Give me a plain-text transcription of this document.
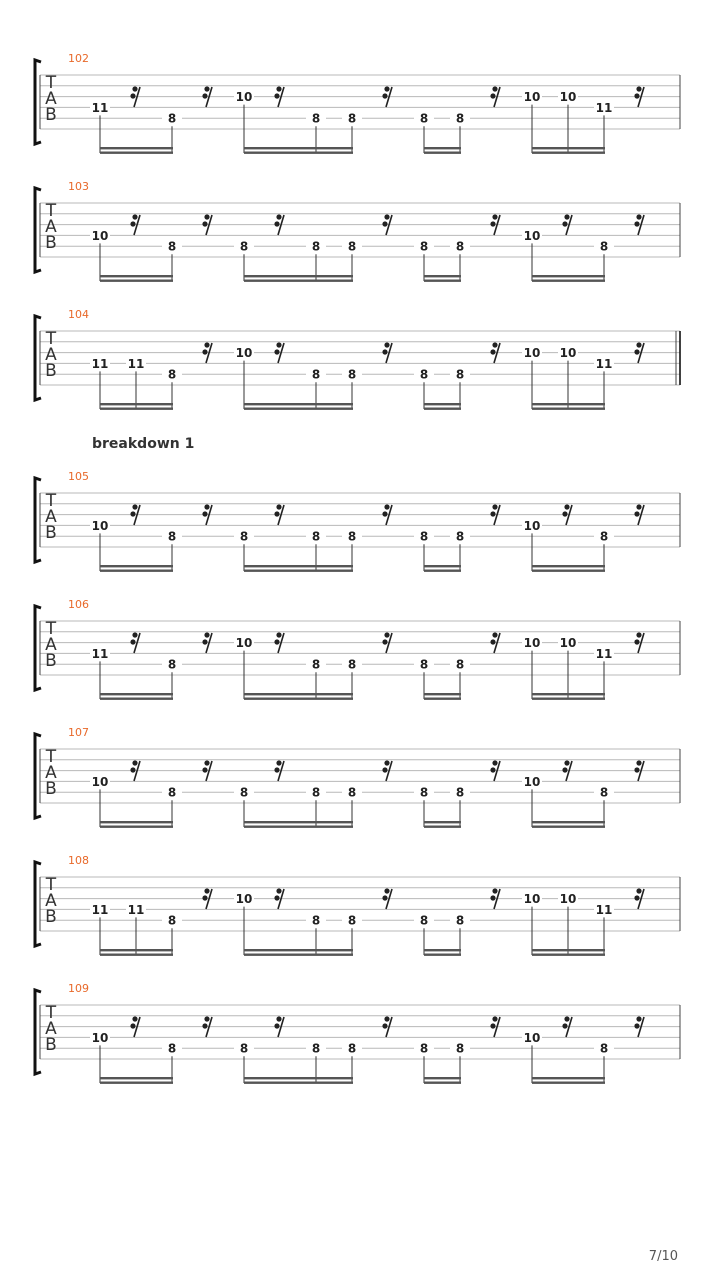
T
A
B
102
11
8
10
8 8	8 8
10 10
11
T
A
B
103
10
8	8	8 8	8 8
10
8
T
A
B
104
11 11
8
10
8 8	8 8
10 10
11
T
A
B
105
10
8	8	8 8	8 8
10
8
T
A
B
106
11
8
10
8 8	8 8
10 10
11
T
A
B
107
10
8	8	8 8	8 8
10
8
T
A
B
108
11 11
8
10
8 8	8 8
10 10
11
T
A
B
109
10
8	8	8 8	8 8
10
8
breakdown 1
7/10
